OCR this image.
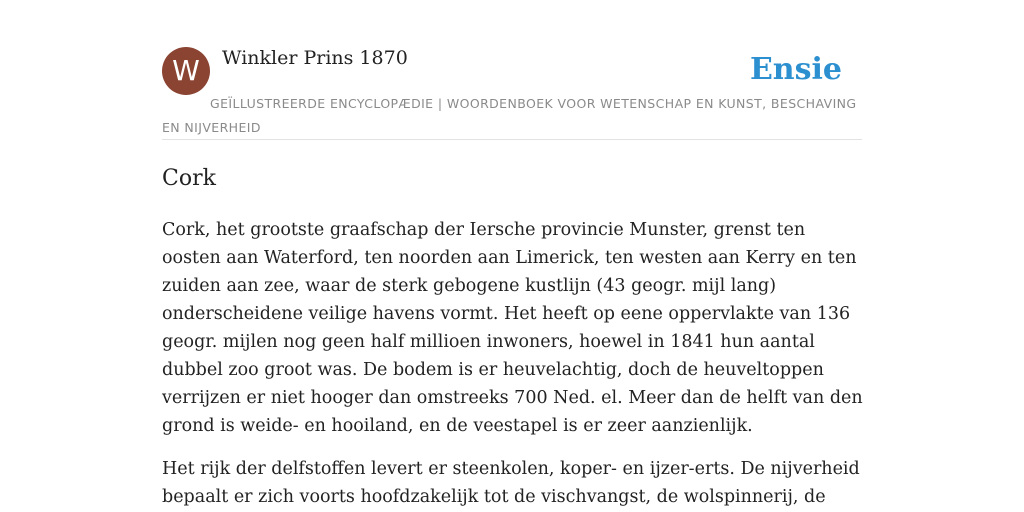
W	Winkler Prins 1870	Ensie
GEÏLLUSTREERDE ENCYCLOPÆDIE | WOORDENBOEK VOOR WETENSCHAP EN KUNST, BESCHAVING EN NIJVERHEID
Cork

Cork, het grootste graafschap der Iersche provincie Munster, grenst ten oosten aan Waterford, ten noorden aan Limerick, ten westen aan Kerry en ten zuiden aan zee, waar de sterk gebogene kustlijn (43 geogr. mijl lang) onderscheidene veilige havens vormt. Het heeft op eene oppervlakte van 136 geogr. mijlen nog geen half millioen inwoners, hoewel in 1841 hun aantal dubbel zoo groot was. De bodem is er heuvelachtig, doch de heuveltoppen verrijzen er niet hooger dan omstreeks 700 Ned. el. Meer dan de helft van den grond is weide- en hooiland, en de veestapel is er zeer aanzienlijk.

Het rijk der delfstoffen levert er steenkolen, koper- en ijzer-erts. De nijverheid bepaalt er zich voorts hoofdzakelijk tot de vischvangst, de wolspinnerij, de
